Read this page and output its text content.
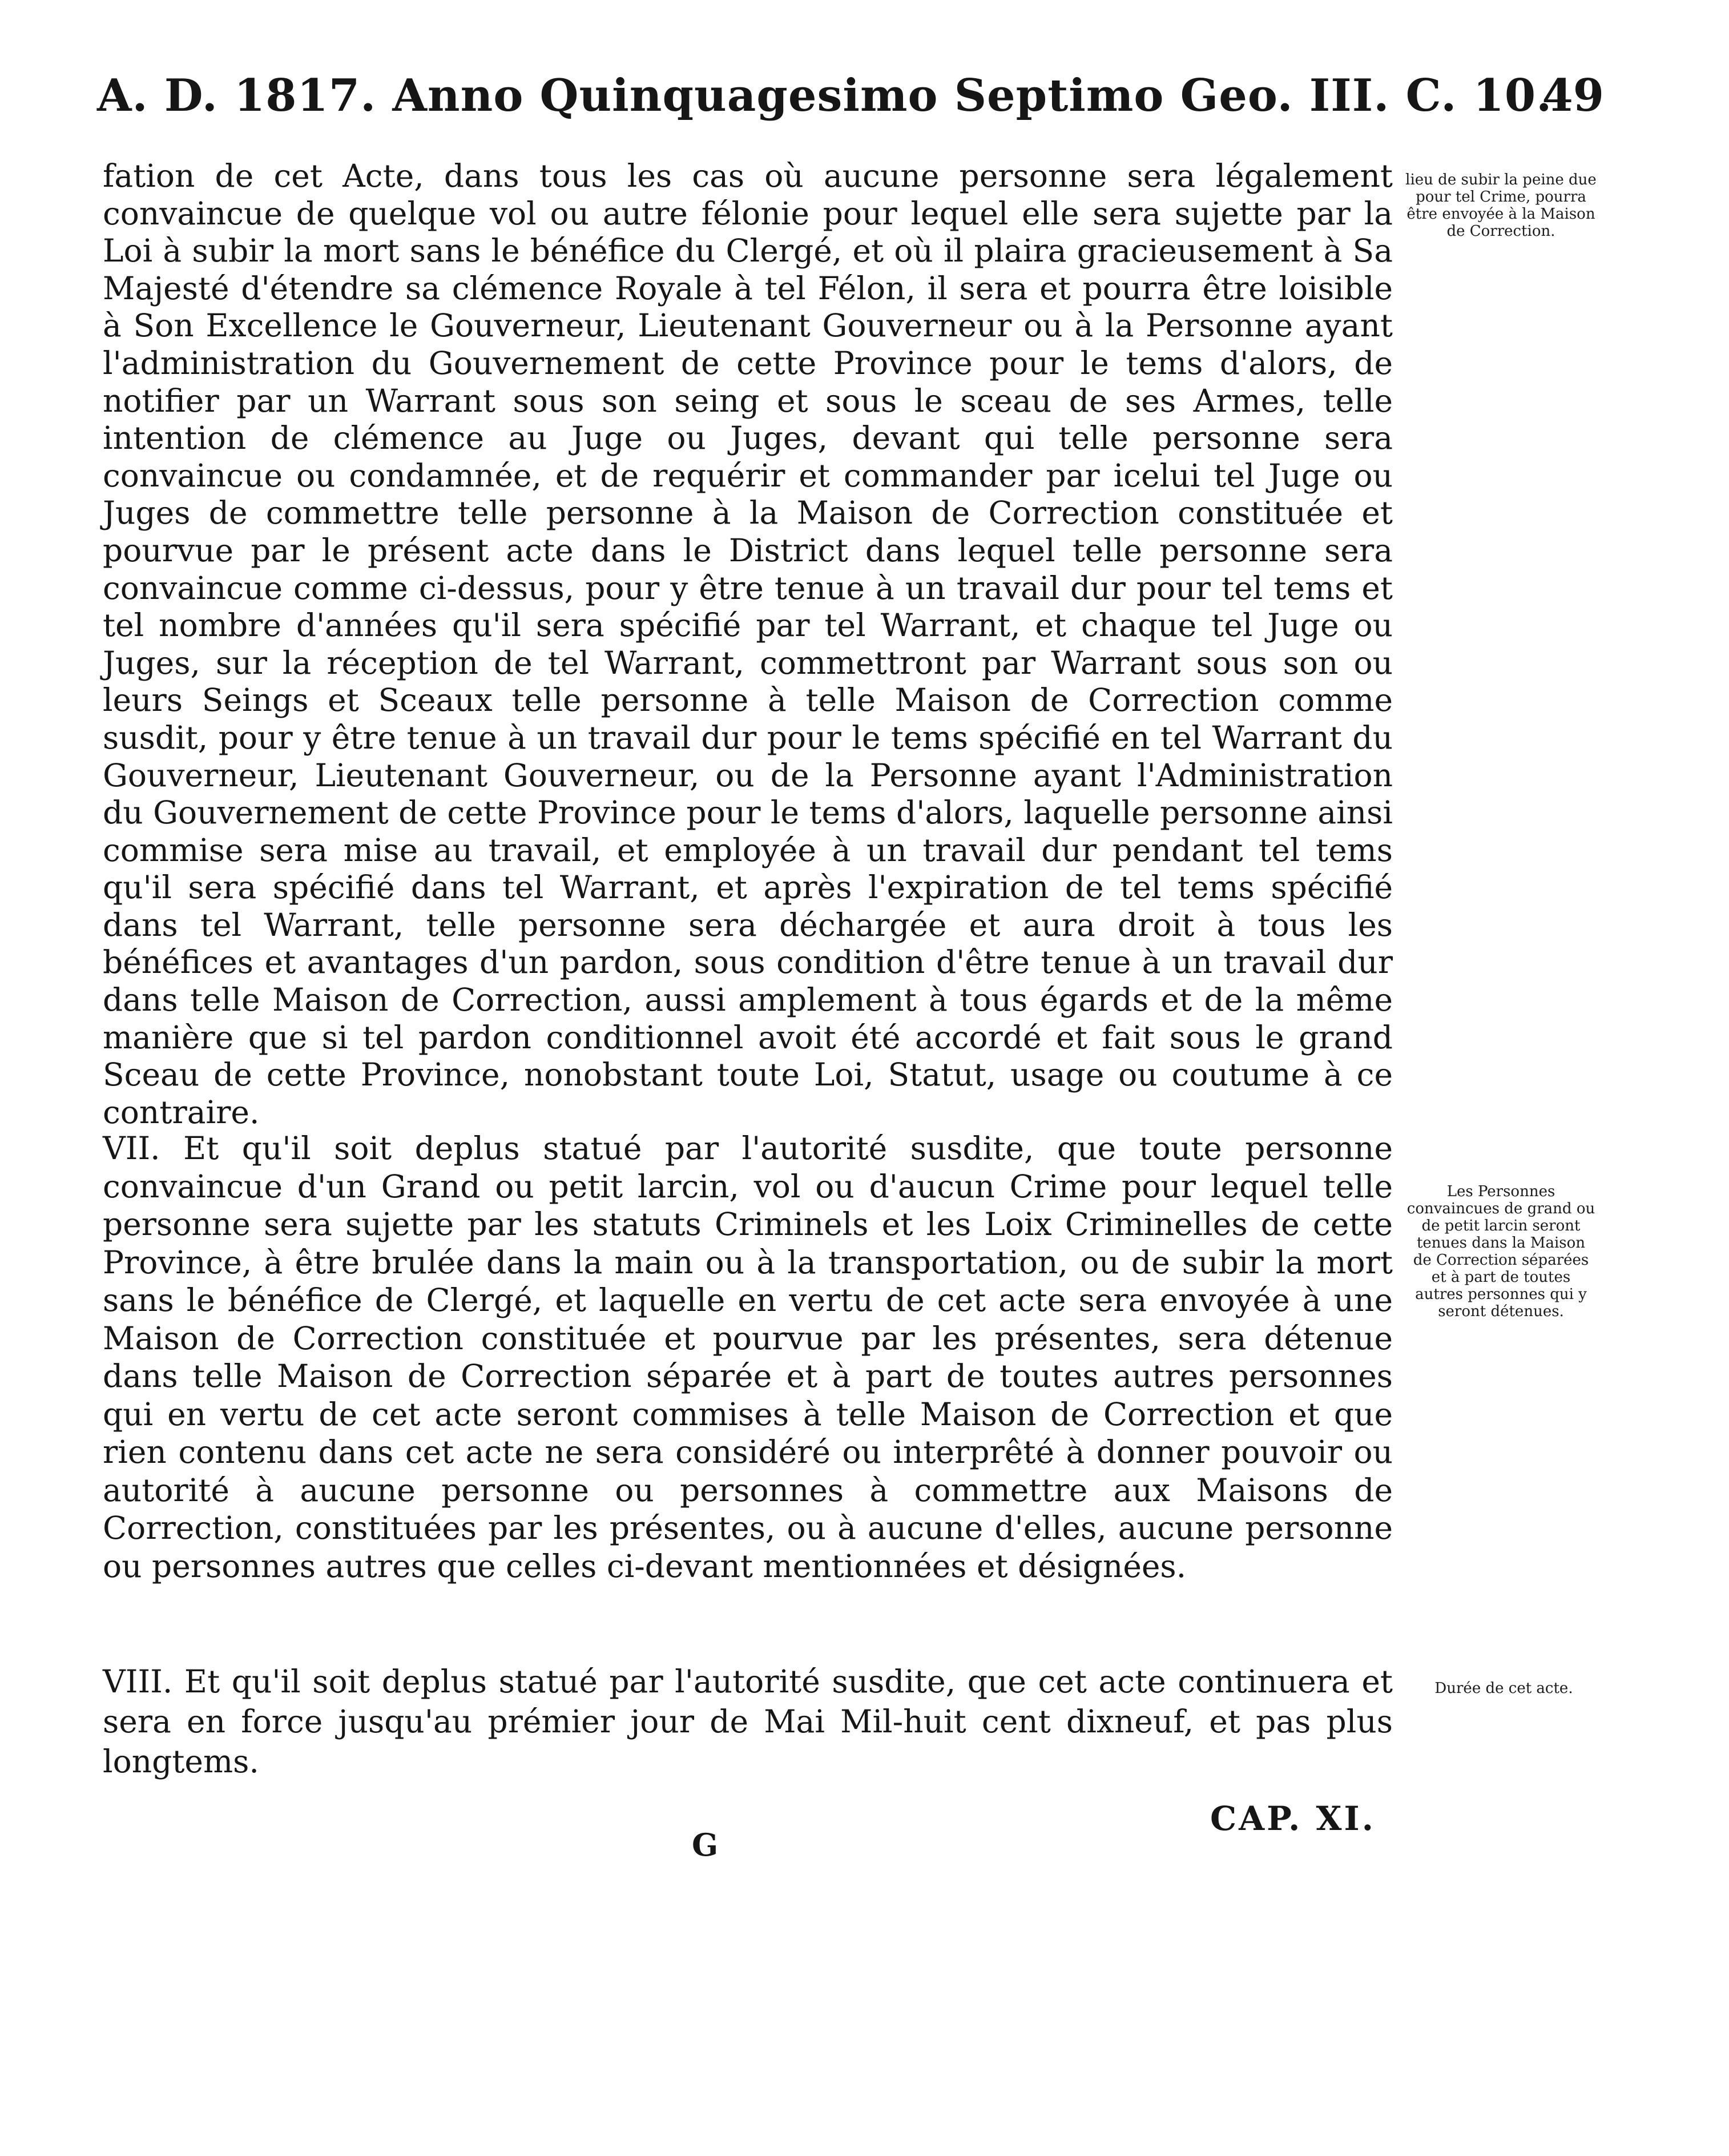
A. D. 1817. Anno Quinquagesimo Septimo Geo. III. C. 10.
49
fation de cet Acte, dans tous les cas où aucune personne sera légalement convaincue de quelque vol ou autre félonie pour lequel elle sera sujette par la Loi à subir la mort sans le bénéfice du Clergé, et où il plaira gracieusement à Sa Majesté d'étendre sa clémence Royale à tel Félon, il sera et pourra être loisible à Son Excellence le Gouverneur, Lieutenant Gouverneur ou à la Personne ayant l'administration du Gouvernement de cette Province pour le tems d'alors, de notifier par un Warrant sous son seing et sous le sceau de ses Armes, telle intention de clémence au Juge ou Juges, devant qui telle personne sera convaincue ou condamnée, et de requérir et commander par icelui tel Juge ou Juges de commettre telle personne à la Maison de Correction constituée et pourvue par le présent acte dans le District dans lequel telle personne sera convaincue comme ci-dessus, pour y être tenue à un travail dur pour tel tems et tel nombre d'années qu'il sera spécifié par tel Warrant, et chaque tel Juge ou Juges, sur la réception de tel Warrant, commettront par Warrant sous son ou leurs Seings et Sceaux telle personne à telle Maison de Correction comme susdit, pour y être tenue à un travail dur pour le tems spécifié en tel Warrant du Gouverneur, Lieutenant Gouverneur, ou de la Personne ayant l'Administration du Gouvernement de cette Province pour le tems d'alors, laquelle personne ainsi commise sera mise au travail, et employée à un travail dur pendant tel tems qu'il sera spécifié dans tel Warrant, et après l'expiration de tel tems spécifié dans tel Warrant, telle personne sera déchargée et aura droit à tous les bénéfices et avantages d'un pardon, sous condition d'être tenue à un travail dur dans telle Maison de Correction, aussi amplement à tous égards et de la même manière que si tel pardon conditionnel avoit été accordé et fait sous le grand Sceau de cette Province, nonobstant toute Loi, Statut, usage ou coutume à ce contraire.
lieu de subir la peine due pour tel Crime, pourra être envoyée à la Maison de Correction.
VII. Et qu'il soit deplus statué par l'autorité susdite, que toute personne convaincue d'un Grand ou petit larcin, vol ou d'aucun Crime pour lequel telle personne sera sujette par les statuts Criminels et les Loix Criminelles de cette Province, à être brulée dans la main ou à la transportation, ou de subir la mort sans le bénéfice de Clergé, et laquelle en vertu de cet acte sera envoyée à une Maison de Correction constituée et pourvue par les présentes, sera détenue dans telle Maison de Correction séparée et à part de toutes autres personnes qui en vertu de cet acte seront commises à telle Maison de Correction et que rien contenu dans cet acte ne sera considéré ou interprêté à donner pouvoir ou autorité à aucune personne ou personnes à commettre aux Maisons de Correction, constituées par les présentes, ou à aucune d'elles, aucune personne ou personnes autres que celles ci-devant mentionnées et désignées.
Les Personnes convaincues de grand ou de petit larcin seront tenues dans la Maison de Correction séparées et à part de toutes autres personnes qui y seront détenues.
VIII. Et qu'il soit deplus statué par l'autorité susdite, que cet acte continuera et sera en force jusqu'au prémier jour de Mai Mil-huit cent dixneuf, et pas plus longtems.
Durée de cet acte.
CAP. XI.
G
